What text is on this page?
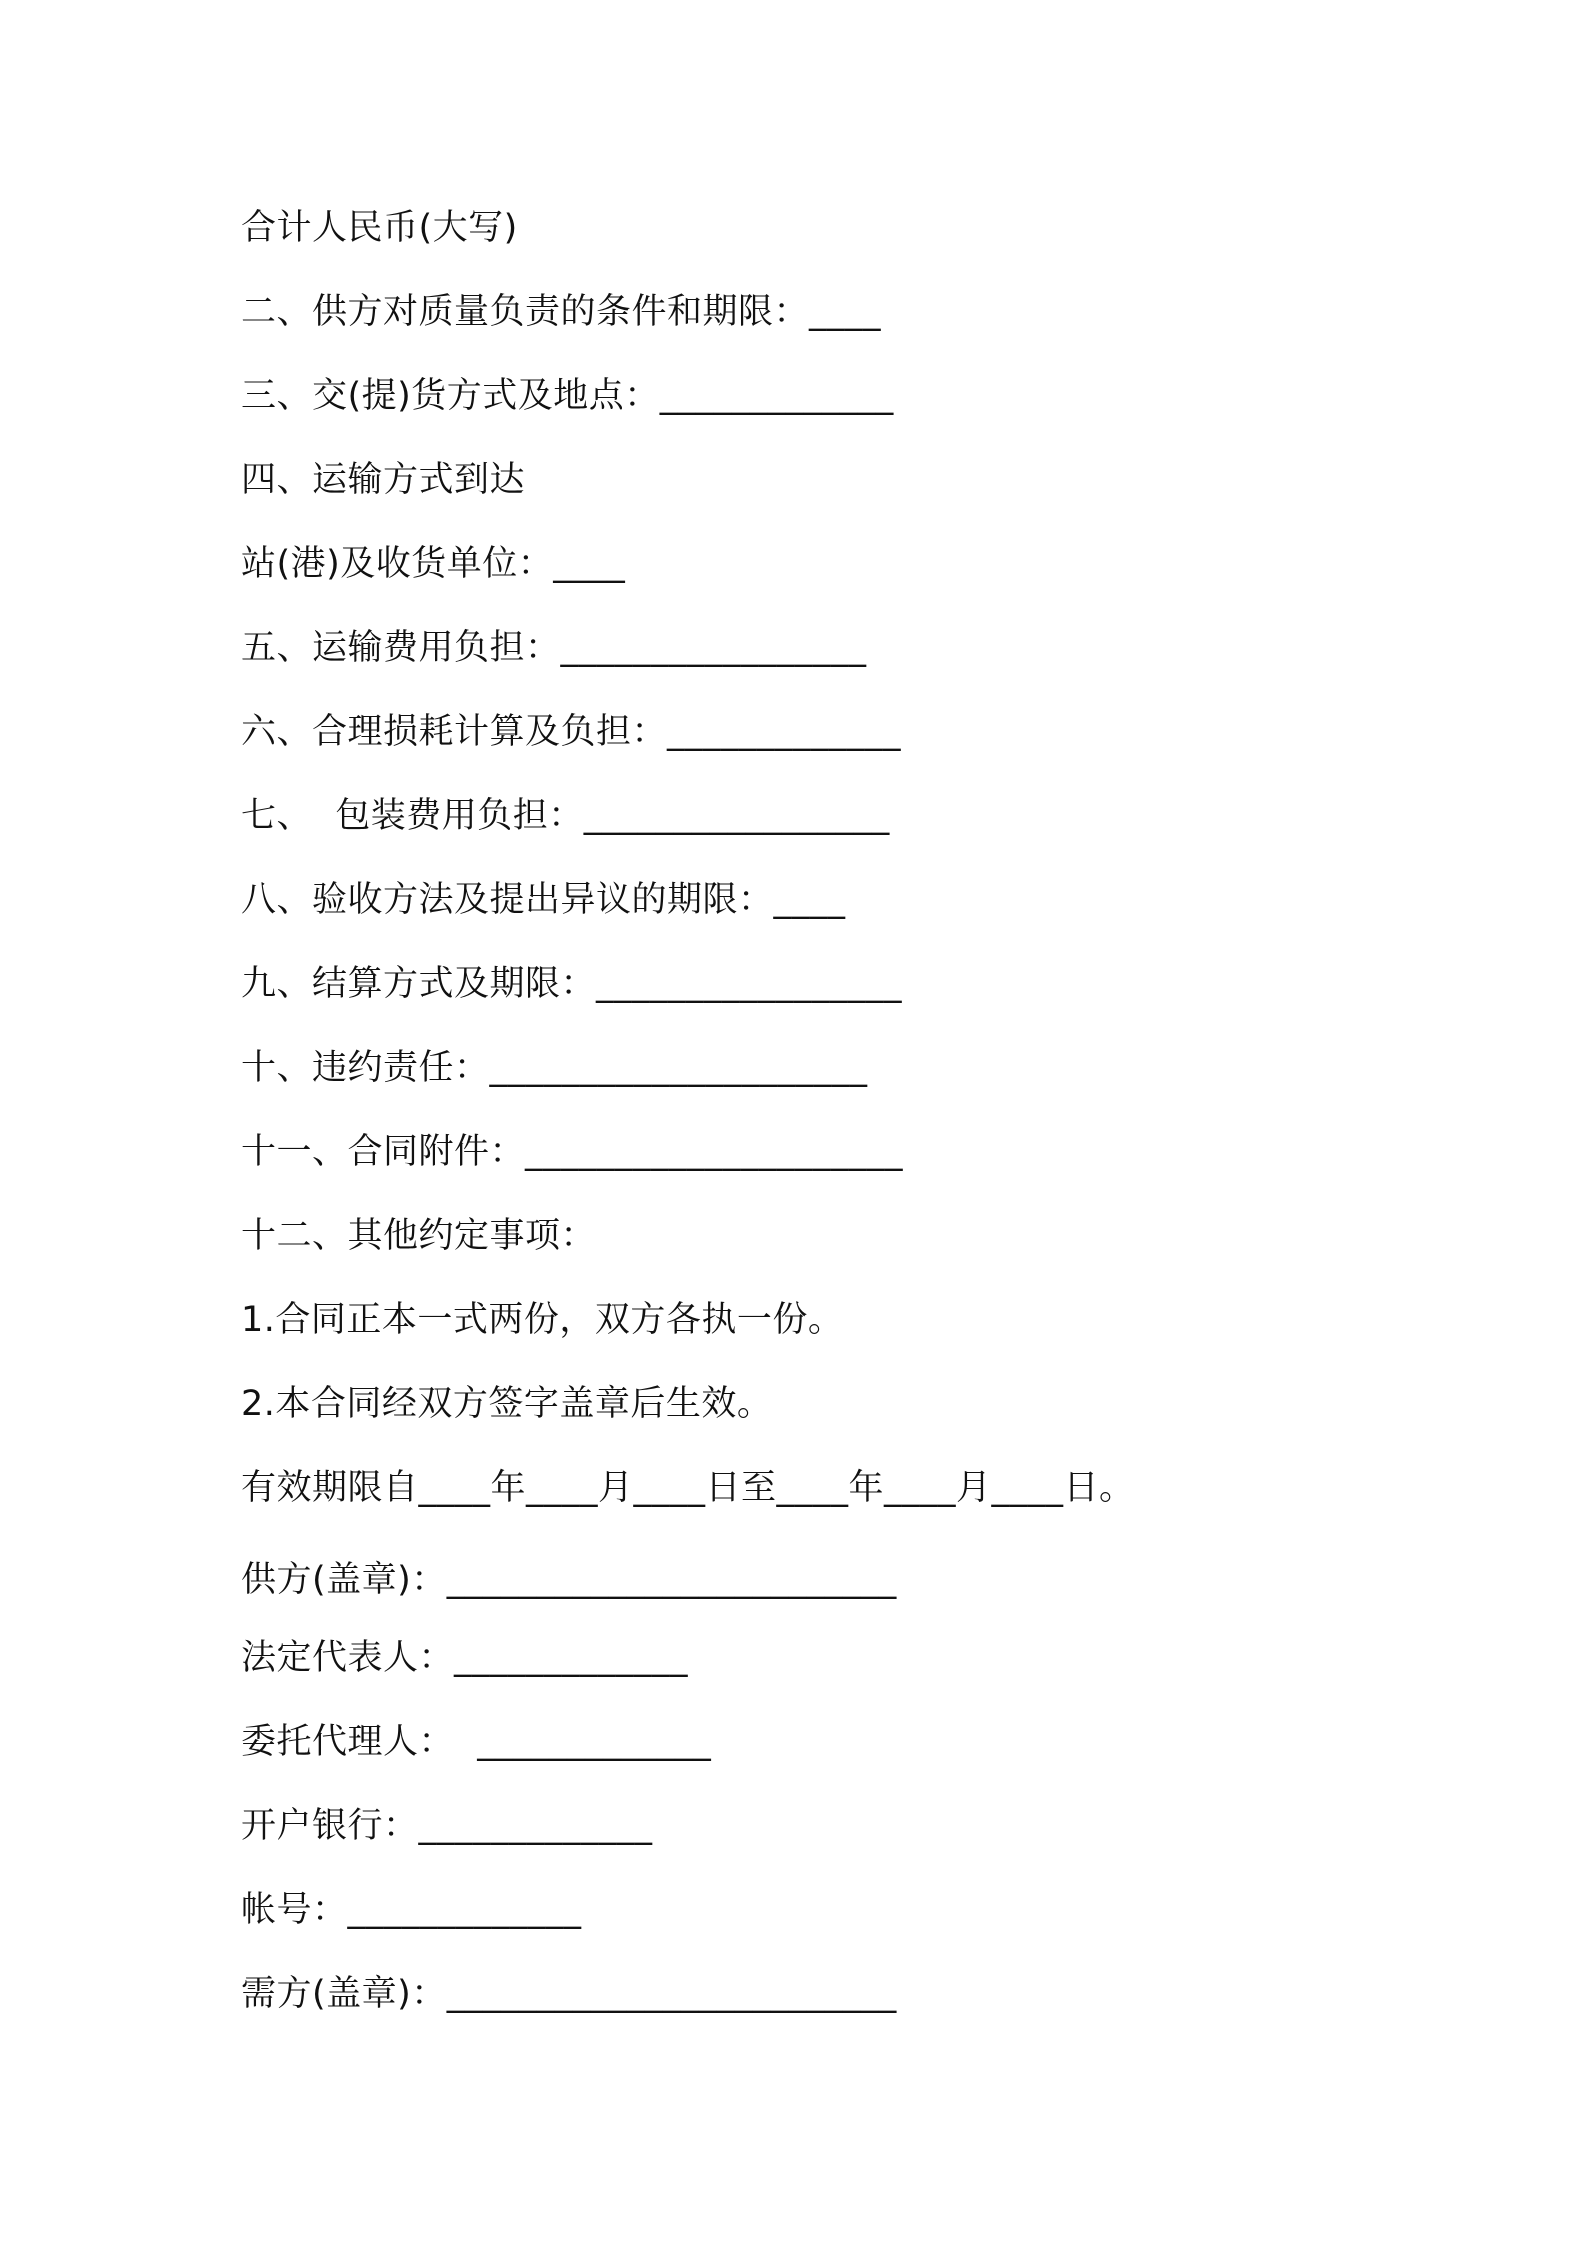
合计人民币(大写)
二、供方对质量负责的条件和期限：____
三、交(提)货方式及地点：_____________
四、运输方式到达
站(港)及收货单位：____
五、运输费用负担：_________________
六、合理损耗计算及负担：_____________
七、  包装费用负担：_________________
八、验收方法及提出异议的期限：____
九、结算方式及期限：_________________
十、违约责任：_____________________
十一、合同附件：_____________________
十二、其他约定事项：
1.合同正本一式两份，双方各执一份。
2.本合同经双方签字盖章后生效。
有效期限自____年____月____日至____年____月____日。
供方(盖章)：_________________________
法定代表人：_____________
委托代理人：  _____________
开户银行：_____________
帐号：_____________
需方(盖章)：_________________________
